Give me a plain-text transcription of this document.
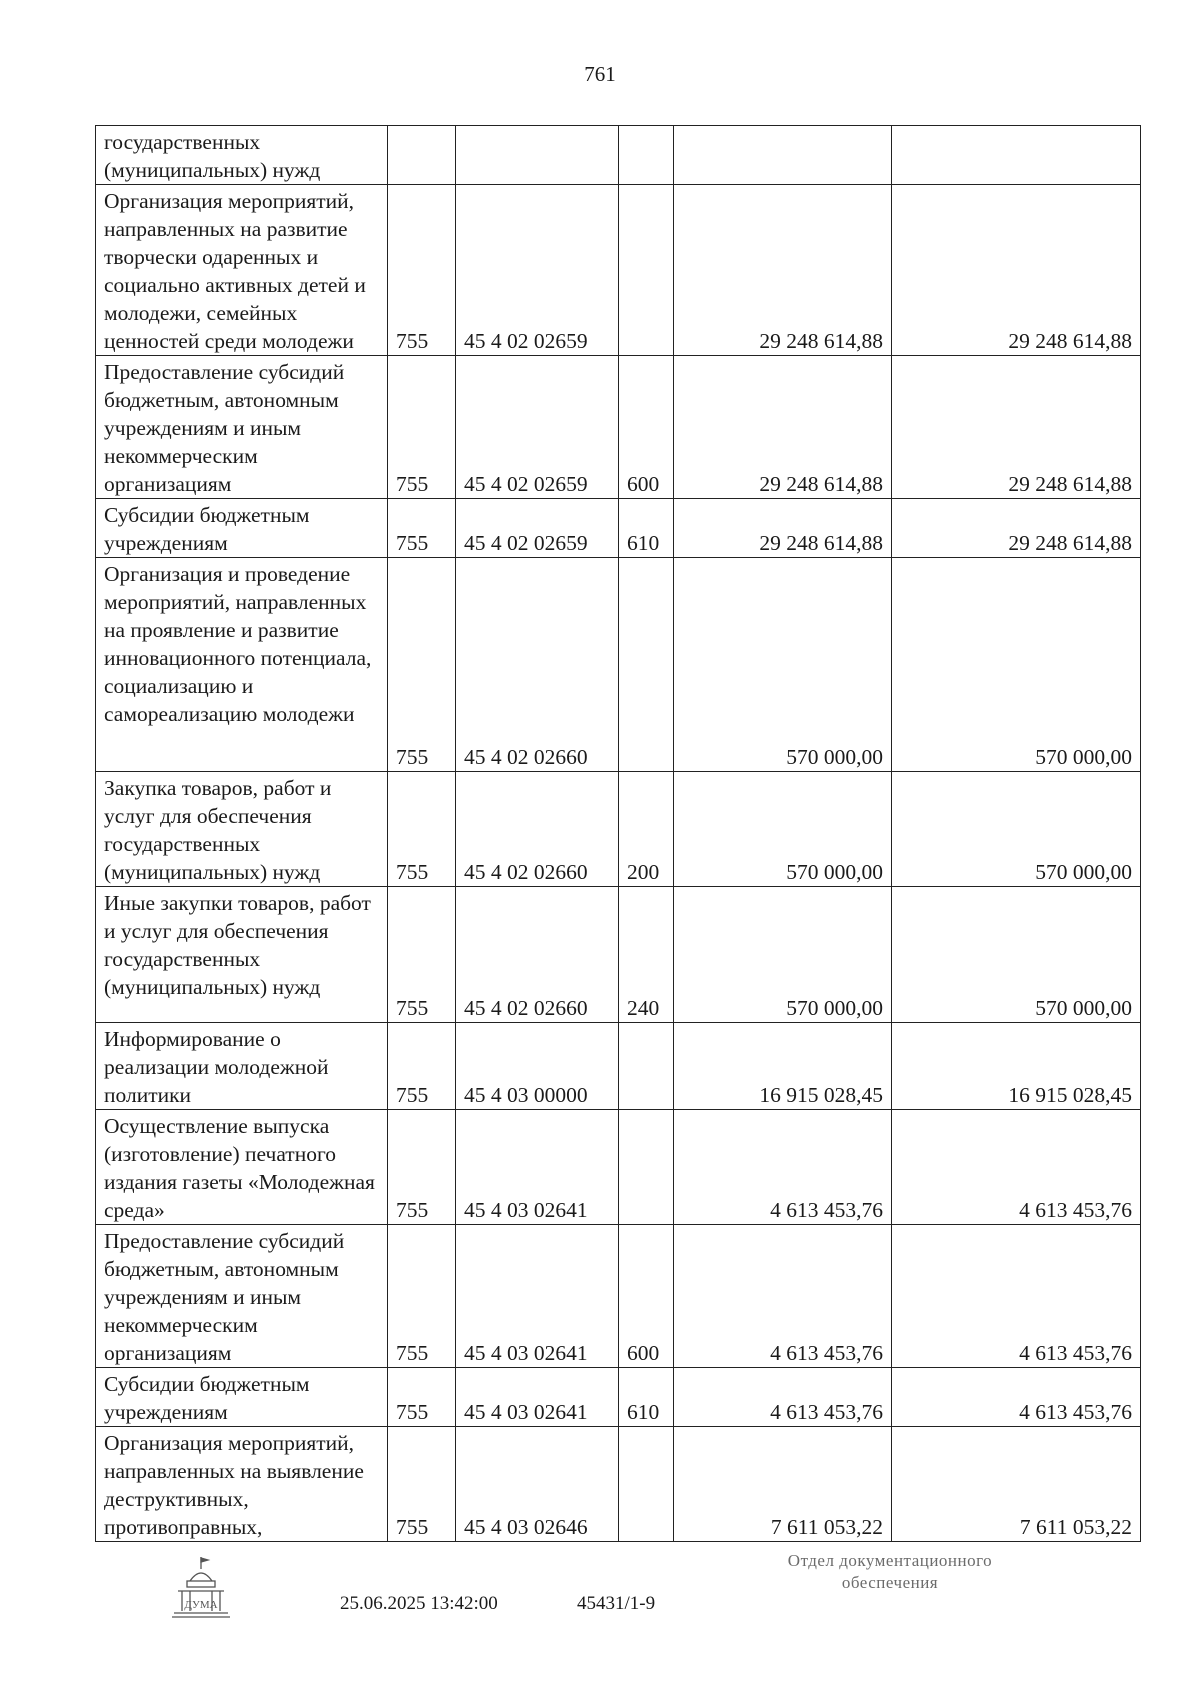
761
государственных (муниципальных) нужд					
Организация мероприятий, направленных на развитие творчески одаренных и социально активных детей и молодежи, семейных ценностей среди молодежи	755	45 4 02 02659		29 248 614,88	29 248 614,88
Предоставление субсидий бюджетным, автономным учреждениям и иным некоммерческим организациям	755	45 4 02 02659	600	29 248 614,88	29 248 614,88
Субсидии бюджетным учреждениям	755	45 4 02 02659	610	29 248 614,88	29 248 614,88
Организация и проведение мероприятий, направленных на проявление и развитие инновационного потенциала, социализацию и самореализацию молодежи	755	45 4 02 02660		570 000,00	570 000,00
Закупка товаров, работ и услуг для обеспечения государственных (муниципальных) нужд	755	45 4 02 02660	200	570 000,00	570 000,00
Иные закупки товаров, работ и услуг для обеспечения государственных (муниципальных) нужд	755	45 4 02 02660	240	570 000,00	570 000,00
Информирование о реализации молодежной политики	755	45 4 03 00000		16 915 028,45	16 915 028,45
Осуществление выпуска (изготовление) печатного издания газеты «Молодежная среда»	755	45 4 03 02641		4 613 453,76	4 613 453,76
Предоставление субсидий бюджетным, автономным учреждениям и иным некоммерческим организациям	755	45 4 03 02641	600	4 613 453,76	4 613 453,76
Субсидии бюджетным учреждениям	755	45 4 03 02641	610	4 613 453,76	4 613 453,76
Организация мероприятий, направленных на выявление деструктивных, противоправных,	755	45 4 03 02646		7 611 053,22	7 611 053,22
ДУМА	25.06.2025 13:42:00	45431/1-9
Отдел документационного
обеспечения
